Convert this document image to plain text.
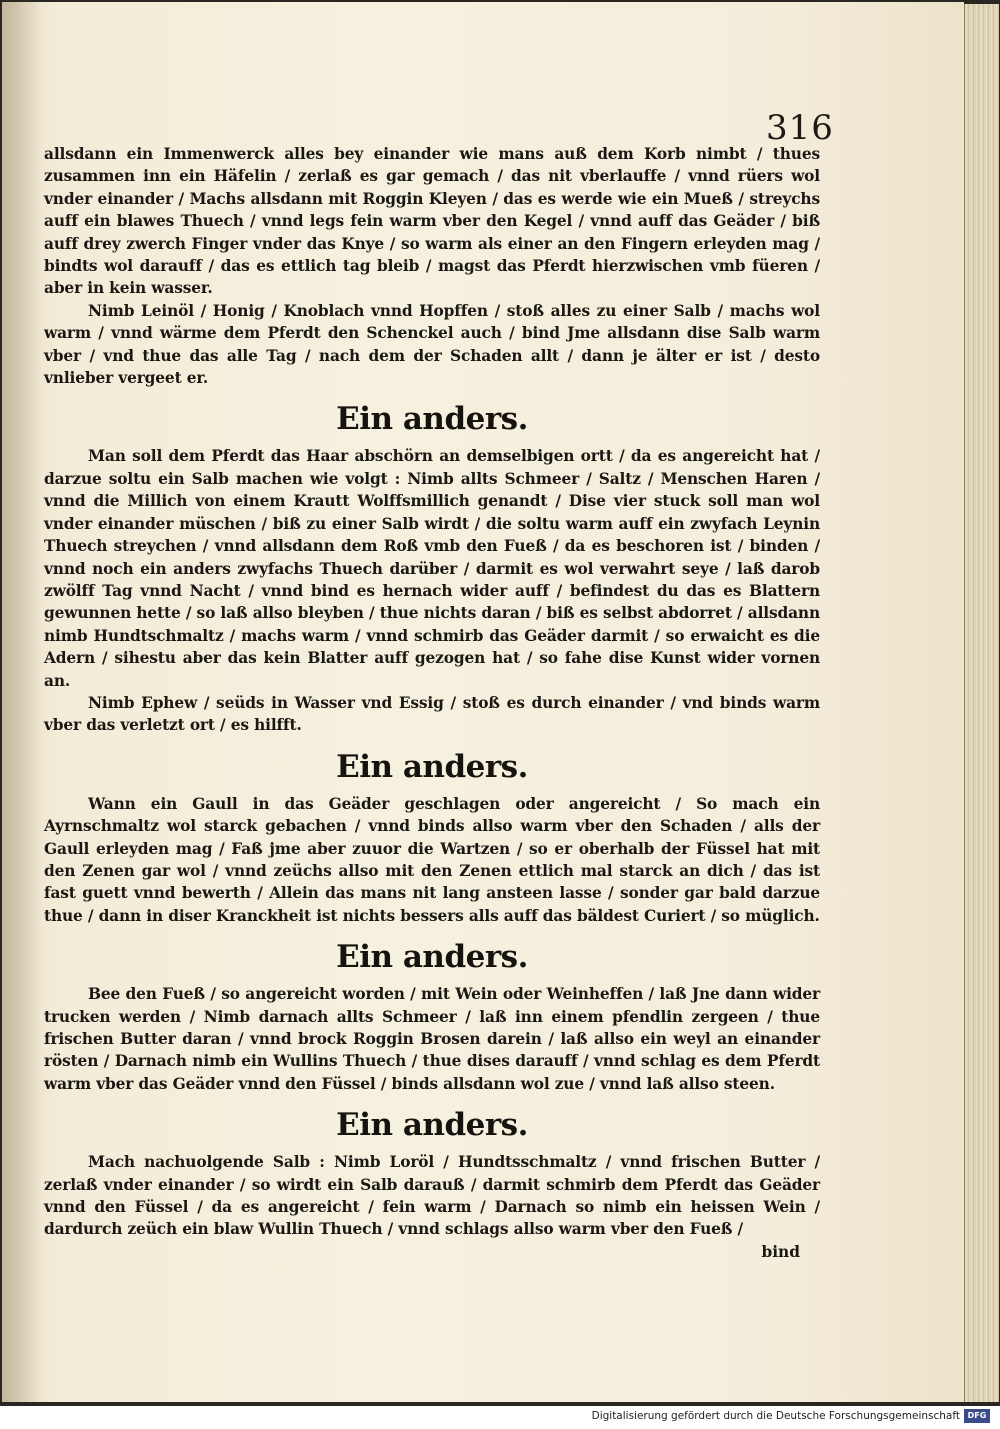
316

allsdann ein Immenwerck alles bey einander wie mans auß dem Korb nimbt / thues zusammen inn ein Häfelin / zerlaß es gar gemach / das nit vberlauffe / vnnd rüers wol vnder einander / Machs allsdann mit Roggin Kleyen / das es werde wie ein Mueß / streychs auff ein blawes Thuech / vnnd legs fein warm vber den Kegel / vnnd auff das Geäder / biß auff drey zwerch Finger vnder das Knye / so warm als einer an den Fingern erleyden mag / bindts wol darauff / das es ettlich tag bleib / magst das Pferdt hierzwischen vmb füeren / aber in kein wasser.

Nimb Leinöl / Honig / Knoblach vnnd Hopffen / stoß alles zu einer Salb / machs wol warm / vnnd wärme dem Pferdt den Schenckel auch / bind Jme allsdann dise Salb warm vber / vnd thue das alle Tag / nach dem der Schaden allt / dann je älter er ist / desto vnlieber vergeet er.

Ein anders.

Man soll dem Pferdt das Haar abschörn an demselbigen ortt / da es angereicht hat / darzue soltu ein Salb machen wie volgt : Nimb allts Schmeer / Saltz / Menschen Haren / vnnd die Millich von einem Krautt Wolffsmillich genandt / Dise vier stuck soll man wol vnder einander müschen / biß zu einer Salb wirdt / die soltu warm auff ein zwyfach Leynin Thuech streychen / vnnd allsdann dem Roß vmb den Fueß / da es beschoren ist / binden / vnnd noch ein anders zwyfachs Thuech darüber / darmit es wol verwahrt seye / laß darob zwölff Tag vnnd Nacht / vnnd bind es hernach wider auff / befindest du das es Blattern gewunnen hette / so laß allso bleyben / thue nichts daran / biß es selbst abdorret / allsdann nimb Hundtschmaltz / machs warm / vnnd schmirb das Geäder darmit / so erwaicht es die Adern / sihestu aber das kein Blatter auff gezogen hat / so fahe dise Kunst wider vornen an.

Nimb Ephew / seüds in Wasser vnd Essig / stoß es durch einander / vnd binds warm vber das verletzt ort / es hilfft.

Ein anders.

Wann ein Gaull in das Geäder geschlagen oder angereicht / So mach ein Ayrnschmaltz wol starck gebachen / vnnd binds allso warm vber den Schaden / alls der Gaull erleyden mag / Faß jme aber zuuor die Wartzen / so er oberhalb der Füssel hat mit den Zenen gar wol / vnnd zeüchs allso mit den Zenen ettlich mal starck an dich / das ist fast guett vnnd bewerth / Allein das mans nit lang ansteen lasse / sonder gar bald darzue thue / dann in diser Kranckheit ist nichts bessers alls auff das bäldest Curiert / so müglich.

Ein anders.

Bee den Fueß / so angereicht worden / mit Wein oder Weinheffen / laß Jne dann wider trucken werden / Nimb darnach allts Schmeer / laß inn einem pfendlin zergeen / thue frischen Butter daran / vnnd brock Roggin Brosen darein / laß allso ein weyl an einander rösten / Darnach nimb ein Wullins Thuech / thue dises darauff / vnnd schlag es dem Pferdt warm vber das Geäder vnnd den Füssel / binds allsdann wol zue / vnnd laß allso steen.

Ein anders.

Mach nachuolgende Salb : Nimb Loröl / Hundtsschmaltz / vnnd frischen Butter / zerlaß vnder einander / so wirdt ein Salb darauß / darmit schmirb dem Pferdt das Geäder vnnd den Füssel / da es angereicht / fein warm / Darnach so nimb ein heissen Wein / dardurch zeüch ein blaw Wullin Thuech / vnnd schlags allso warm vber den Fueß /

bind
Digitalisierung gefördert durch die Deutsche Forschungsgemeinschaft DFG
